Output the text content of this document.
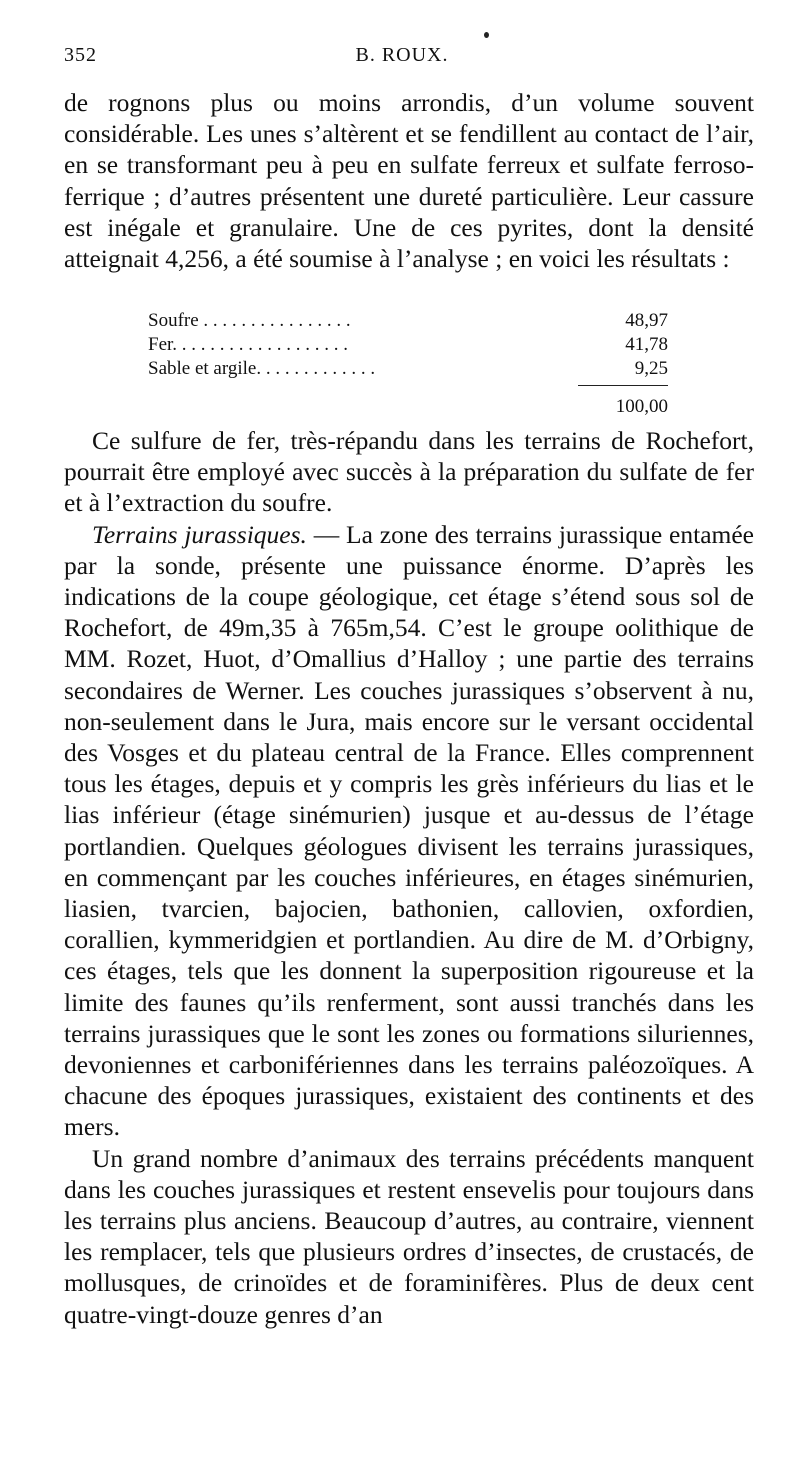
352	B. ROUX.

de rognons plus ou moins arrondis, d’un volume souvent considérable. Les unes s’altèrent et se fendillent au contact de l’air, en se transformant peu à peu en sulfate ferreux et sulfate ferroso-ferrique ; d’autres présentent une dureté particulière. Leur cassure est inégale et granulaire. Une de ces pyrites, dont la densité atteignait 4,256, a été soumise à l’analyse ; en voici les résultats :

Soufre . . . . . . . . . . . . . . . .	48,97
Fer. . . . . . . . . . . . . . . . . . .	41,78
Sable et argile. . . . . . . . . . . . .	9,25
100,00

Ce sulfure de fer, très-répandu dans les terrains de Rochefort, pourrait être employé avec succès à la préparation du sulfate de fer et à l’extraction du soufre.

Terrains jurassiques. — La zone des terrains jurassique entamée par la sonde, présente une puissance énorme. D’après les indications de la coupe géologique, cet étage s’étend sous sol de Rochefort, de 49m,35 à 765m,54. C’est le groupe oolithique de MM. Rozet, Huot, d’Omallius d’Halloy ; une partie des terrains secondaires de Werner. Les couches jurassiques s’observent à nu, non-seulement dans le Jura, mais encore sur le versant occidental des Vosges et du plateau central de la France. Elles comprennent tous les étages, depuis et y compris les grès inférieurs du lias et le lias inférieur (étage sinémurien) jusque et au-dessus de l’étage portlandien. Quelques géologues divisent les terrains jurassiques, en commençant par les couches inférieures, en étages sinémurien, liasien, tvarcien, bajocien, bathonien, callovien, oxfordien, corallien, kymmeridgien et portlandien. Au dire de M. d’Orbigny, ces étages, tels que les donnent la superposition rigoureuse et la limite des faunes qu’ils renferment, sont aussi tranchés dans les terrains jurassiques que le sont les zones ou formations siluriennes, devoniennes et carbonifériennes dans les terrains paléozoïques. A chacune des époques jurassiques, existaient des continents et des mers.

Un grand nombre d’animaux des terrains précédents manquent dans les couches jurassiques et restent ensevelis pour toujours dans les terrains plus anciens. Beaucoup d’autres, au contraire, viennent les remplacer, tels que plusieurs ordres d’insectes, de crustacés, de mollusques, de crinoïdes et de foraminifères. Plus de deux cent quatre-vingt-douze genres d’an
